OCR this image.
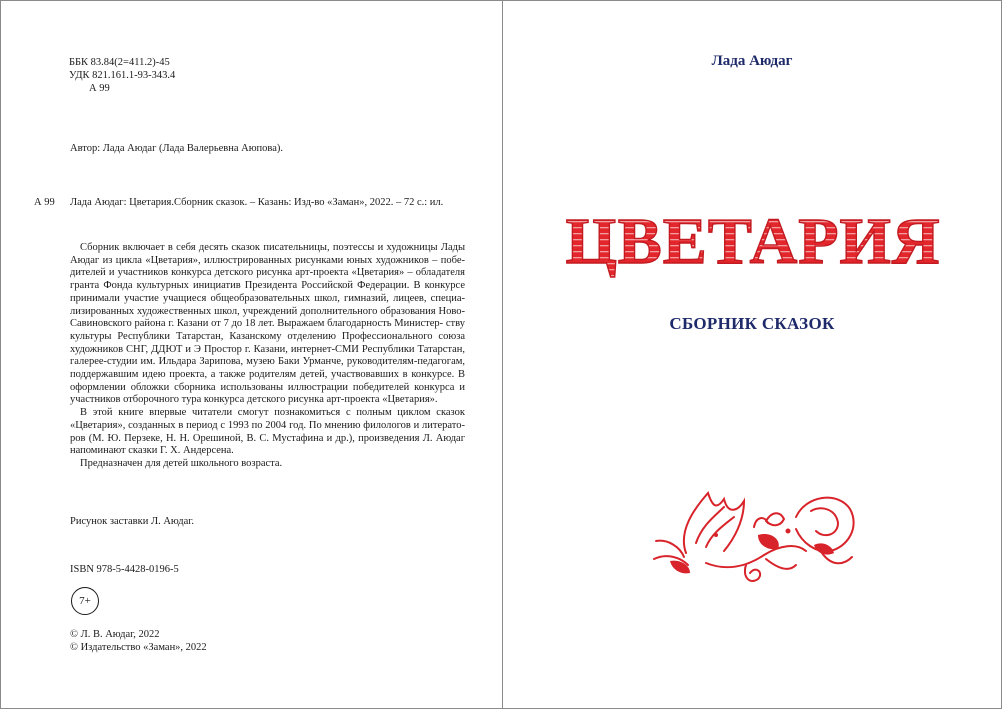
ББК 83.84(2=411.2)-45
УДК 821.161.1-93-343.4
А 99
Автор: Лада Аюдаг (Лада Валерьевна Аюпова).
А 99 Лада Аюдаг: Цветария.Сборник сказок. – Казань: Изд-во «Заман», 2022. – 72 с.: ил.

Сборник включает в себя десять сказок писательницы, поэтессы и художницы Лады Аюдаг из цикла «Цветария», иллюстрированных рисунками юных художников – побе- дителей и участников конкурса детского рисунка арт-проекта «Цветария» – обладателя гранта Фонда культурных инициатив Президента Российской Федерации. В конкурсе принимали участие учащиеся общеобразовательных школ, гимназий, лицеев, специа- лизированных художественных школ, учреждений дополнительного образования Ново- Савиновского района г. Казани от 7 до 18 лет. Выражаем благодарность Министер- ству культуры Республики Татарстан, Казанскому отделению Профессионального союза художников СНГ, ДДЮТ и Э Простор г. Казани, интернет-СМИ Республики Татарстан, галерее-студии им. Ильдара Зарипова, музею Баки Урманче, руководителям-педагогам, поддержавшим идею проекта, а также родителям детей, участвовавших в конкурсе. В оформлении обложки сборника использованы иллюстрации победителей конкурса и участников отборочного тура конкурса детского рисунка арт-проекта «Цветария».

В этой книге впервые читатели смогут познакомиться с полным циклом сказок «Цветария», созданных в период с 1993 по 2004 год. По мнению филологов и литерато- ров (М. Ю. Перзеке, Н. Н. Орешиной, В. С. Мустафина и др.), произведения Л. Аюдаг напоминают сказки Г. Х. Андерсена.

Предназначен для детей школьного возраста.

Рисунок заставки Л. Аюдаг.
ISBN 978-5-4428-0196-5
7+
© Л. В. Аюдаг, 2022
© Издательство «Заман», 2022
Лада Аюдаг
ЦВЕТАРИЯ
СБОРНИК СКАЗОК
